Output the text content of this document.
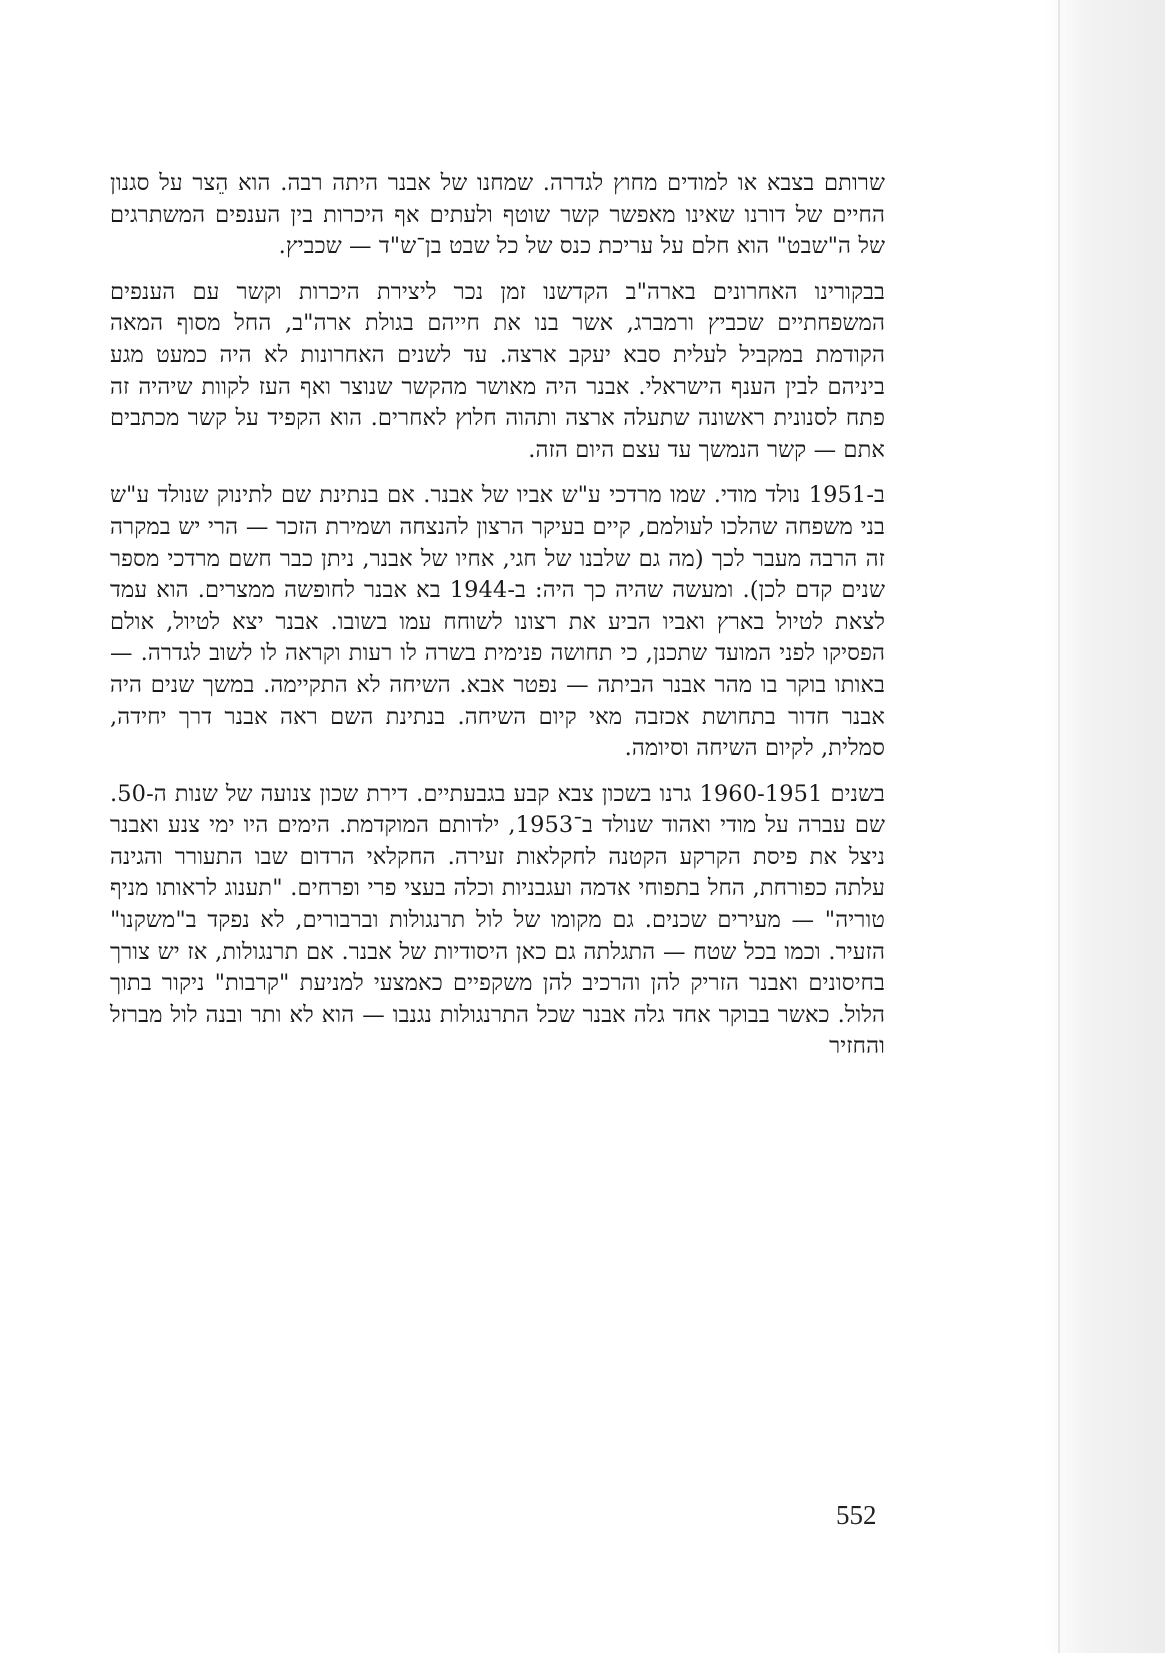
שרותם בצבא או למודים מחוץ לגדרה. שמחנו של אבנר היתה רבה. הוא הֵצר על סגנון החיים של דורנו שאינו מאפשר קשר שוטף ולעתים אף היכרות בין הענפים המשתרגים של ה"שבט" הוא חלם על עריכת כנס של כל שבט בן־ש"ד — שכביץ.

בבקורינו האחרונים בארה"ב הקדשנו זמן נכר ליצירת היכרות וקשר עם הענפים המשפחתיים שכביץ ורמברג, אשר בנו את חייהם בגולת ארה"ב, החל מסוף המאה הקודמת במקביל לעלית סבא יעקב ארצה. עד לשנים האחרונות לא היה כמעט מגע ביניהם לבין הענף הישראלי. אבנר היה מאושר מהקשר שנוצר ואף העז לקוות שיהיה זה פתח לסנונית ראשונה שתעלה ארצה ותהוה חלוץ לאחרים. הוא הקפיד על קשר מכתבים אתם — קשר הנמשך עד עצם היום הזה.

ב-1951 נולד מודי. שמו מרדכי ע"ש אביו של אבנר. אם בנתינת שם לתינוק שנולד ע"ש בני משפחה שהלכו לעולמם, קיים בעיקר הרצון להנצחה ושמירת הזכר — הרי יש במקרה זה הרבה מעבר לכך (מה גם שלבנו של חגי, אחיו של אבנר, ניתן כבר חשם מרדכי מספר שנים קדם לכן). ומעשה שהיה כך היה: ב-1944 בא אבנר לחופשה ממצרים. הוא עמד לצאת לטיול בארץ ואביו הביע את רצונו לשוחח עמו בשובו. אבנר יצא לטיול, אולם הפסיקו לפני המועד שתכנן, כי תחושה פנימית בשרה לו רעות וקראה לו לשוב לגדרה. — באותו בוקר בו מהר אבנר הביתה — נפטר אבא. השיחה לא התקיימה. במשך שנים היה אבנר חדור בתחושת אכזבה מאי קיום השיחה. בנתינת השם ראה אבנר דרך יחידה, סמלית, לקיום השיחה וסיומה.

בשנים 1960-1951 גרנו בשכון צבא קבע בגבעתיים. דירת שכון צנועה של שנות ה-50. שם עברה על מודי ואהוד שנולד ב־1953, ילדותם המוקדמת. הימים היו ימי צנע ואבנר ניצל את פיסת הקרקע הקטנה לחקלאות זעירה. החקלאי הרדום שבו התעורר והגינה עלתה כפורחת, החל בתפוחי אדמה ועגבניות וכלה בעצי פרי ופרחים. "תענוג לראותו מניף טוריה" — מעירים שכנים. גם מקומו של לול תרנגולות וברבורים, לא נפקד ב"משקנו" הזעיר. וכמו בכל שטח — התגלתה גם כאן היסודיות של אבנר. אם תרנגולות, אז יש צורך בחיסונים ואבנר הזריק להן והרכיב להן משקפיים כאמצעי למניעת "קרבות" ניקור בתוך הלול. כאשר בבוקר אחד גלה אבנר שכל התרנגולות נגנבו — הוא לא ותר ובנה לול מברזל והחזיר

552
